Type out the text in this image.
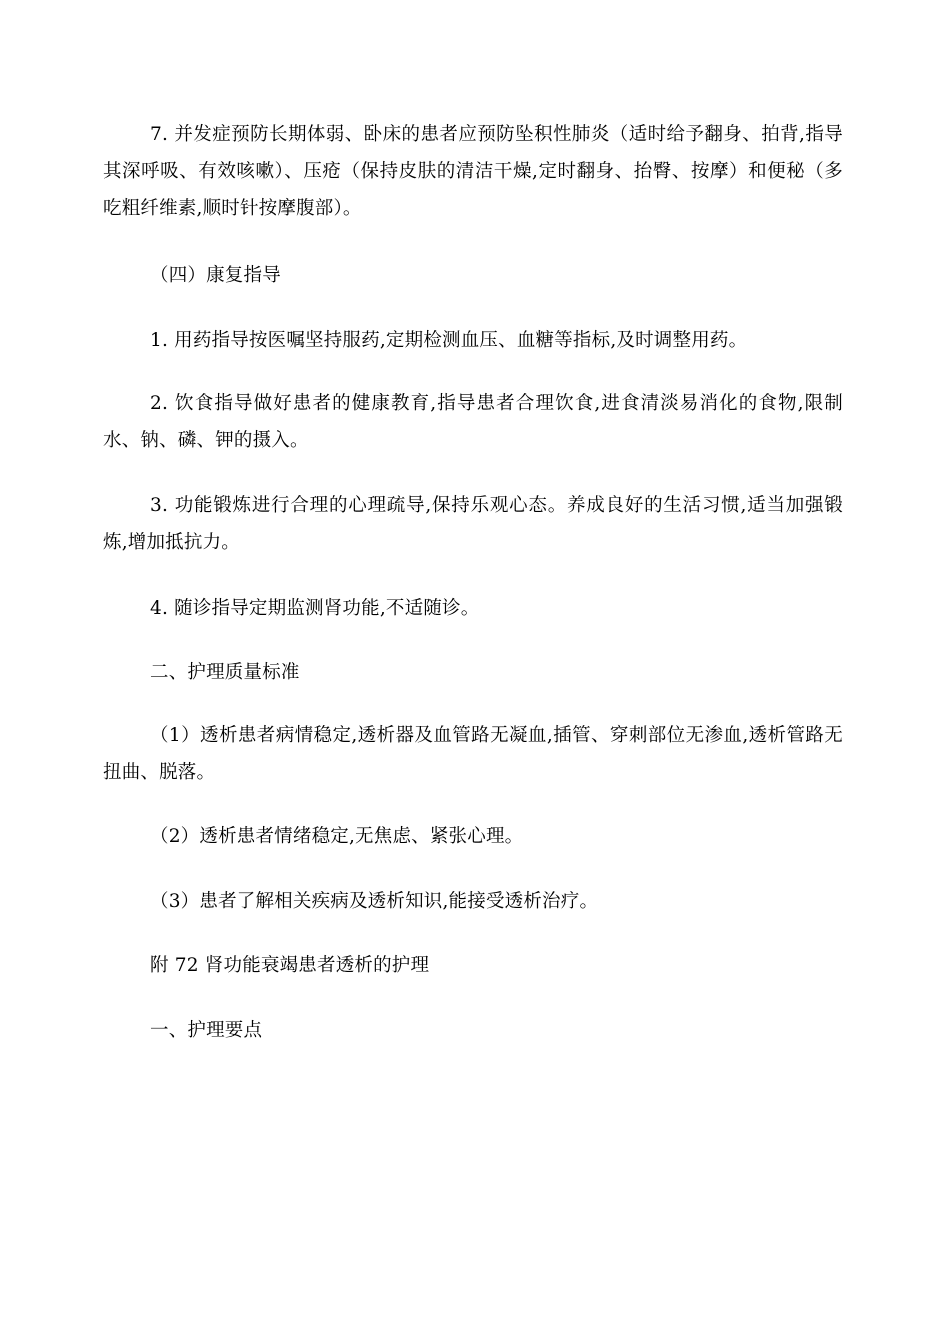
7. 并发症预防长期体弱、卧床的患者应预防坠积性肺炎（适时给予翻身、拍背,指导其深呼吸、有效咳嗽）、压疮（保持皮肤的清洁干燥,定时翻身、抬臀、按摩）和便秘（多吃粗纤维素,顺时针按摩腹部）。

（四）康复指导

1. 用药指导按医嘱坚持服药,定期检测血压、血糖等指标,及时调整用药。

2. 饮食指导做好患者的健康教育,指导患者合理饮食,进食清淡易消化的食物,限制水、钠、磷、钾的摄入。

3. 功能锻炼进行合理的心理疏导,保持乐观心态。养成良好的生活习惯,适当加强锻炼,增加抵抗力。

4. 随诊指导定期监测肾功能,不适随诊。

二、护理质量标准

（1）透析患者病情稳定,透析器及血管路无凝血,插管、穿刺部位无渗血,透析管路无扭曲、脱落。

（2）透析患者情绪稳定,无焦虑、紧张心理。

（3）患者了解相关疾病及透析知识,能接受透析治疗。

附 72 肾功能衰竭患者透析的护理

一、护理要点
